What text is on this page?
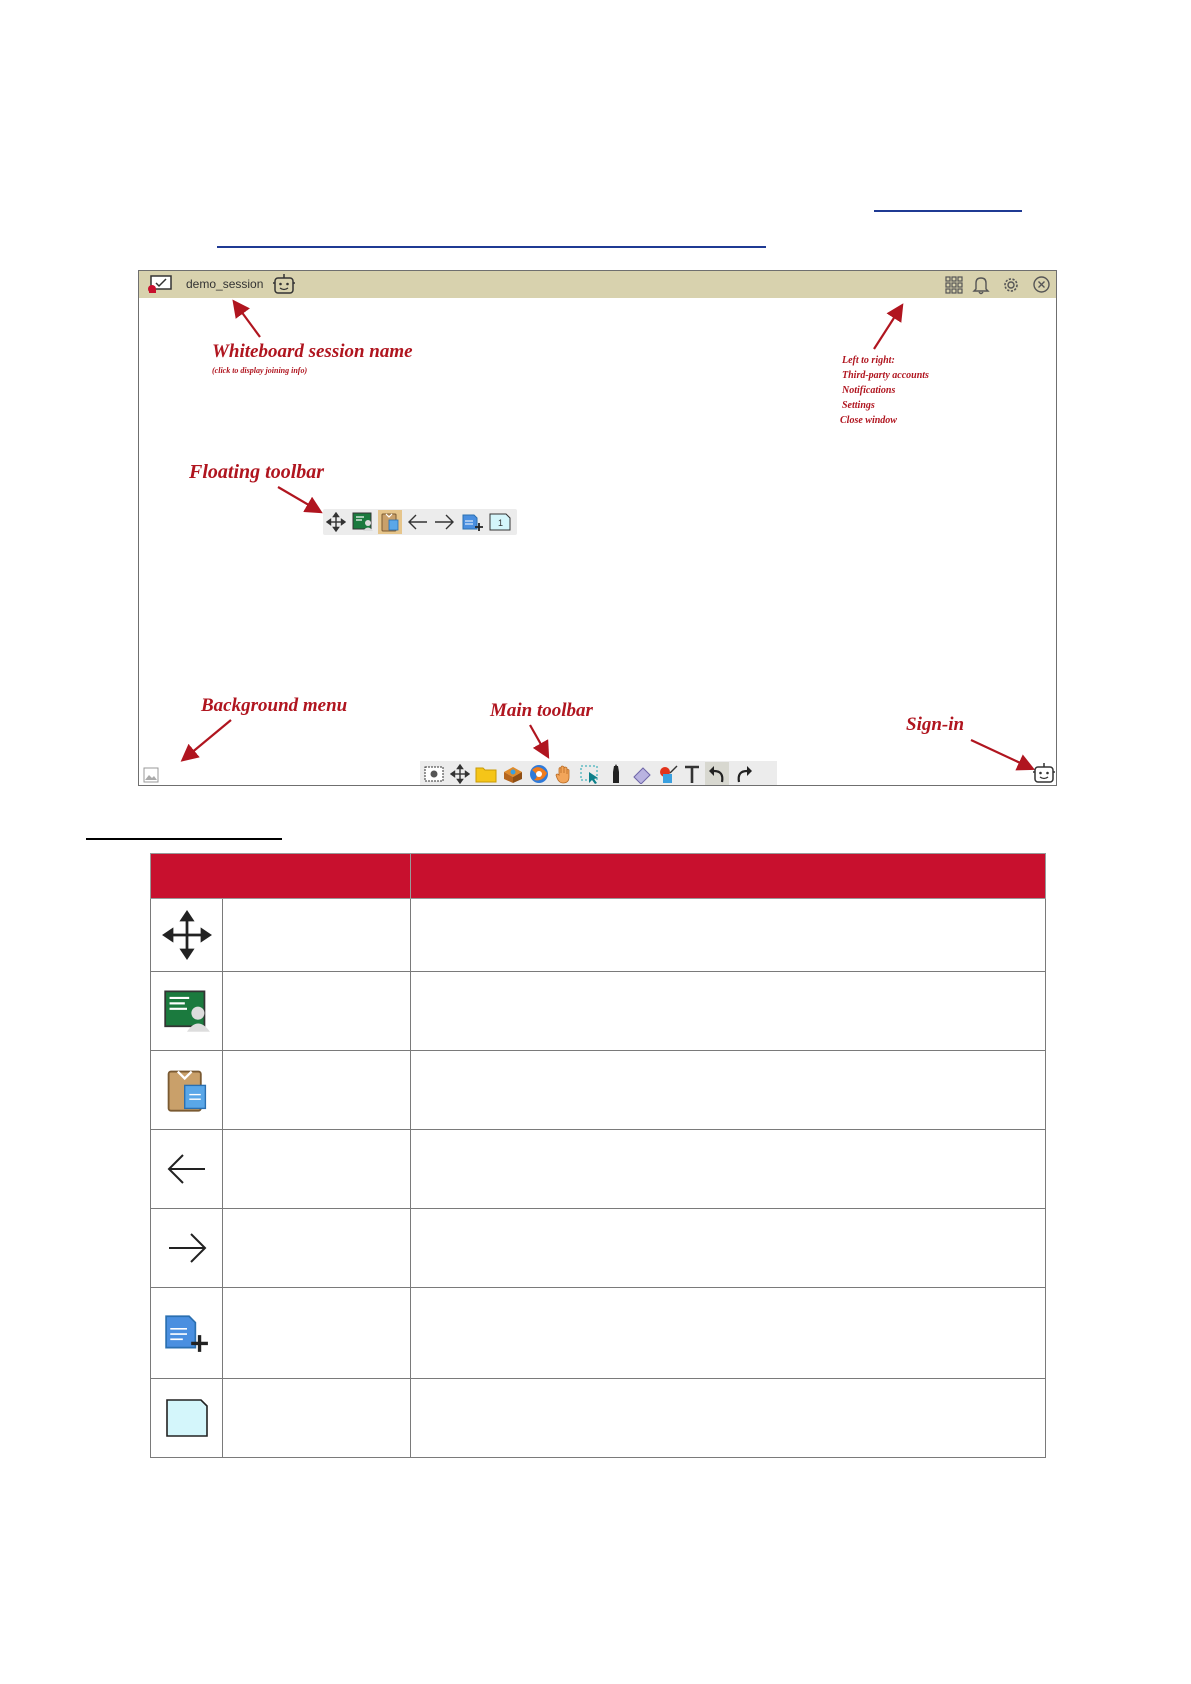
demo_session
Whiteboard session name
(click to display joining info)
Left to right:
Third-party accounts
Notifications
Settings
Close window
Floating toolbar
Background menu	Main toolbar
Sign-in
1
